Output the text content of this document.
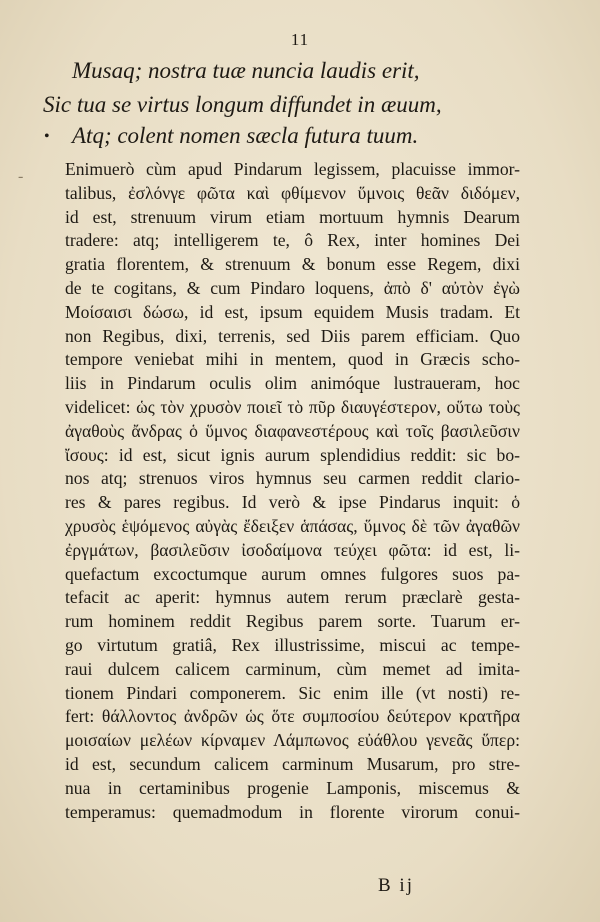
11
Musaq; nostra tuæ nuncia laudis erit,
Sic tua se virtus longum diffundet in æuum,
• Atq; colent nomen sæcla futura tuum.
- Enimuerò cùm apud Pindarum legissem, placuisse immor-
talibus, ἐσλόνγε φῶτα καὶ φθίμενον ὕμνοις θεᾶν διδόμεν,
id est, strenuum virum etiam mortuum hymnis Dearum
tradere: atq; intelligerem te, ô Rex, inter homines Dei
gratia florentem, & strenuum & bonum esse Regem, dixi
de te cogitans, & cum Pindaro loquens, ἀπὸ δ' αὐτὸν ἐγὼ
Μοίσαισι δώσω, id est, ipsum equidem Musis tradam. Et
non Regibus, dixi, terrenis, sed Diis parem efficiam. Quo
tempore veniebat mihi in mentem, quod in Græcis scho-
liis in Pindarum oculis olim animóque lustraueram, hoc
videlicet: ὡς τὸν χρυσὸν ποιεῖ τὸ πῦρ διαυγέστερον, οὕτω τοὺς
ἀγαθοὺς ἄνδρας ὁ ὕμνος διαφανεστέρους καὶ τοῖς βασιλεῦσιν
ἴσους: id est, sicut ignis aurum splendidius reddit: sic bo-
nos atq; strenuos viros hymnus seu carmen reddit clario-
res & pares regibus. Id verò & ipse Pindarus inquit: ὁ
χρυσὸς ἑψόμενος αὐγὰς ἔδειξεν ἁπάσας, ὕμνος δὲ τῶν ἀγαθῶν
ἐργμάτων, βασιλεῦσιν ἰσοδαίμονα τεύχει φῶτα: id est, li-
quefactum excoctumque aurum omnes fulgores suos pa-
tefacit ac aperit: hymnus autem rerum præclarè gesta-
rum hominem reddit Regibus parem sorte. Tuarum er-
go virtutum gratiâ, Rex illustrissime, miscui ac tempe-
raui dulcem calicem carminum, cùm memet ad imita-
tionem Pindari componerem. Sic enim ille (vt nosti) re-
fert: θάλλοντος ἀνδρῶν ὡς ὅτε συμποσίου δεύτερον κρατῆρα
μοισαίων μελέων κίρναμεν Λάμπωνος εὐάθλου γενεᾶς ὕπερ:
id est, secundum calicem carminum Musarum, pro stre-
nua in certaminibus progenie Lamponis, miscemus &
temperamus: quemadmodum in florente virorum conui-
B ij
